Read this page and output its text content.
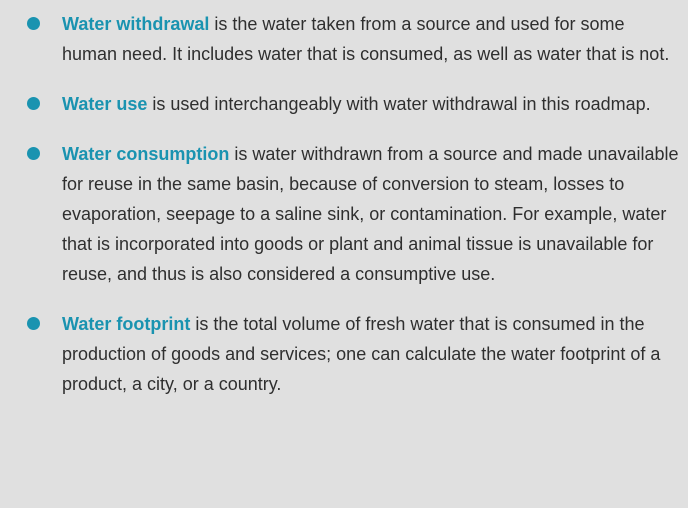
Water withdrawal is the water taken from a source and used for some human need. It includes water that is consumed, as well as water that is not.
Water use is used interchangeably with water withdrawal in this roadmap.
Water consumption is water withdrawn from a source and made unavailable for reuse in the same basin, because of conversion to steam, losses to evaporation, seepage to a saline sink, or contamination. For example, water that is incorporated into goods or plant and animal tissue is unavailable for reuse, and thus is also considered a consumptive use.
Water footprint is the total volume of fresh water that is consumed in the production of goods and services; one can calculate the water footprint of a product, a city, or a country.
